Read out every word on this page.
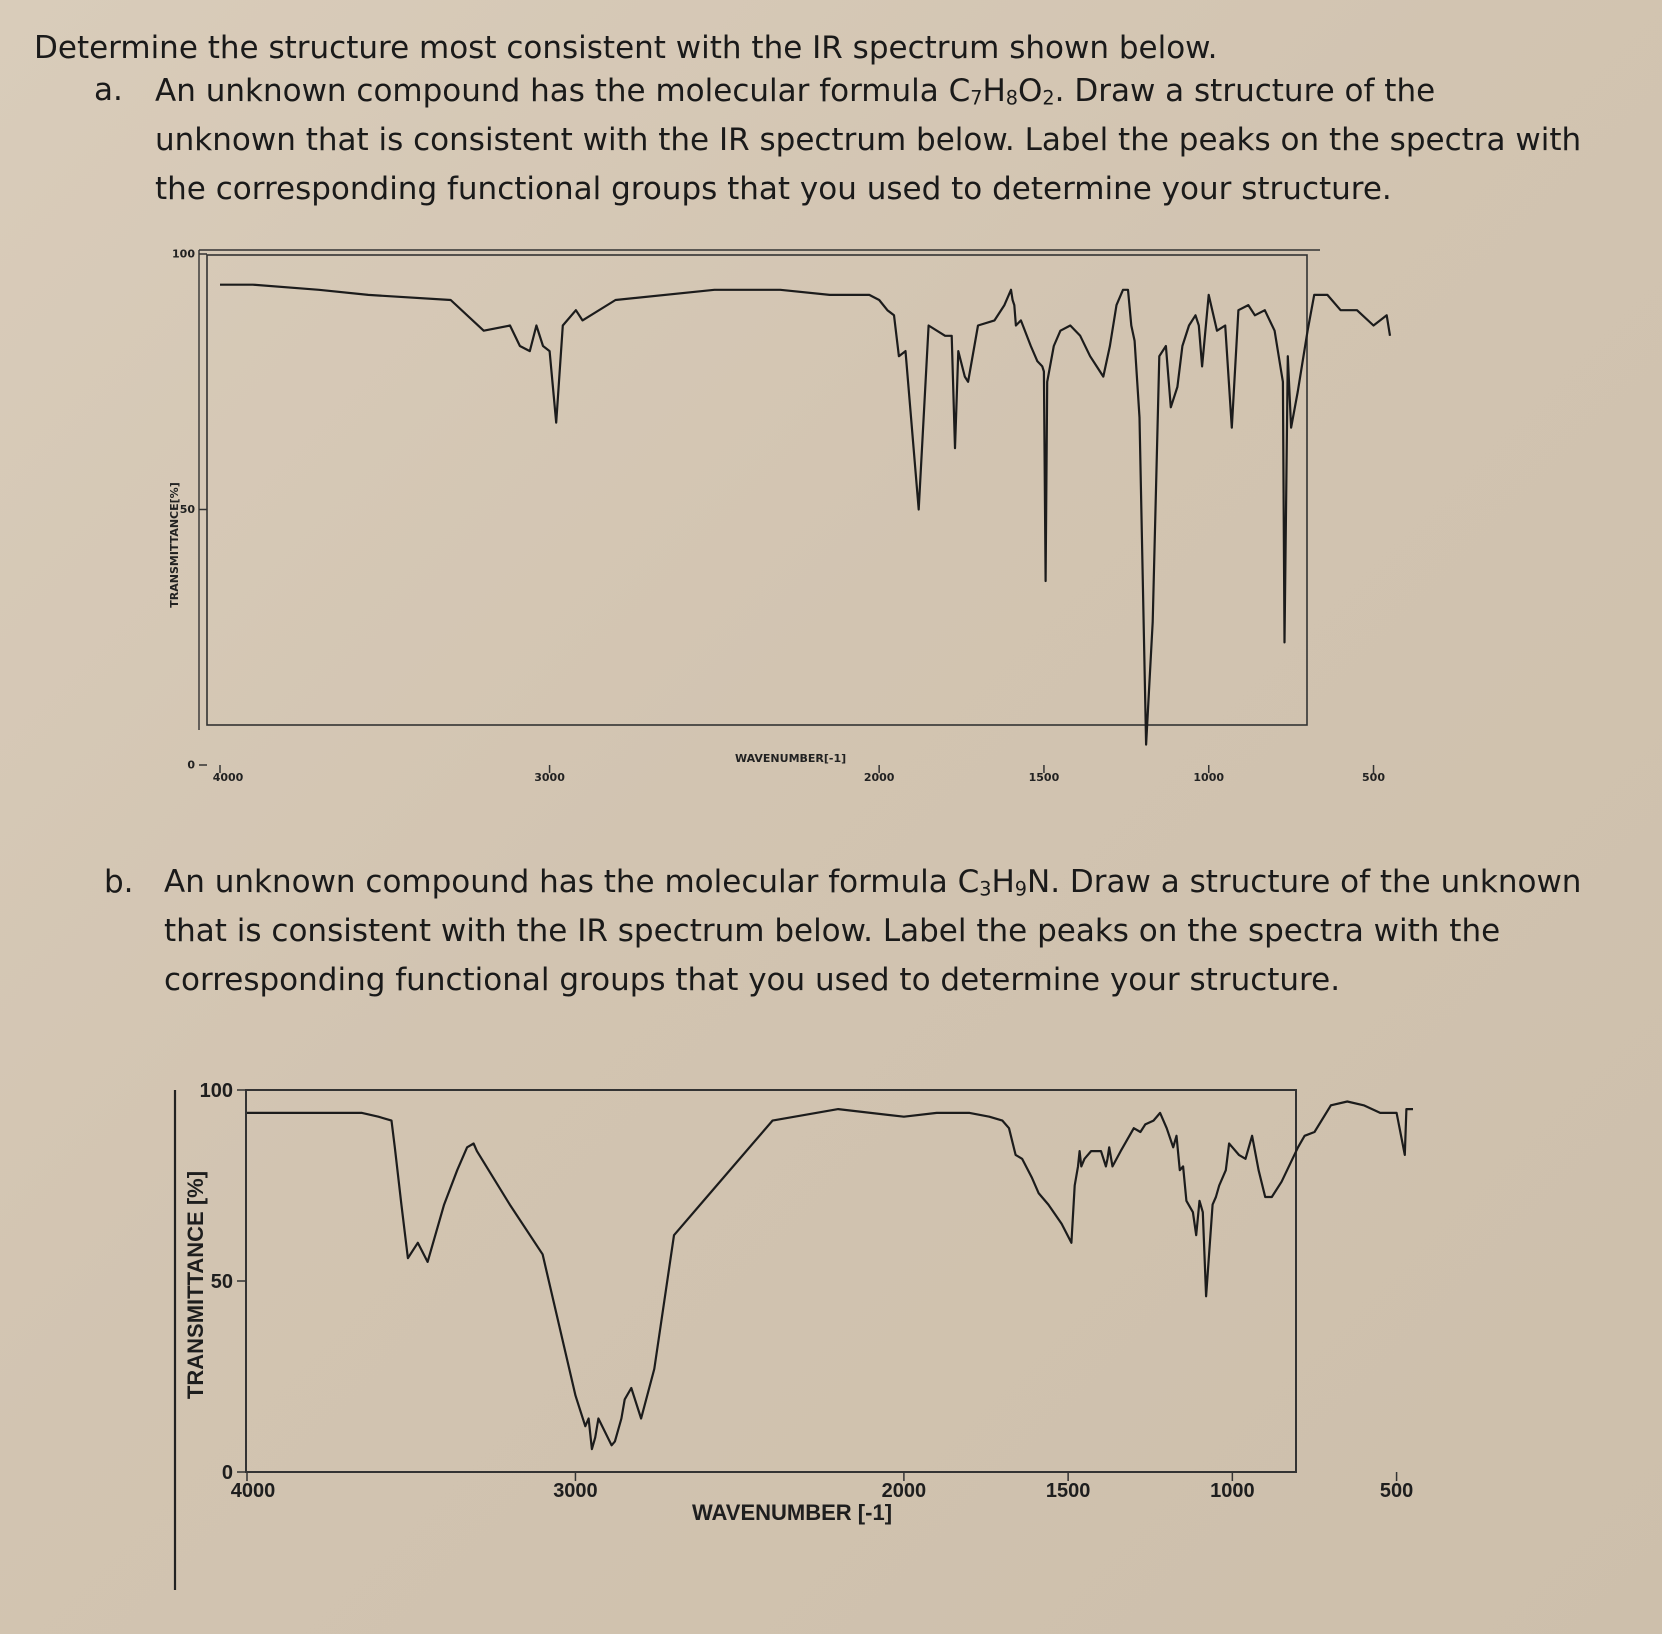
Determine the structure most consistent with the IR spectrum shown below.
a. An unknown compound has the molecular formula $C_7H_8O_2$. Draw a structure of the
unknown that is consistent with the IR spectrum below. Label the peaks on the spectra with
the corresponding functional groups that you used to determine your structure.
b. An unknown compound has the molecular formula $C_3H_9N$. Draw a structure of the unknown
that is consistent with the IR spectrum below. Label the peaks on the spectra with the
corresponding functional groups that you used to determine your structure.
4000	3000	2000	1500	1000	500
0
50
100
WAVENUMBER[-1]
TRANSMITTANCE[%]
4000	3000	2000	1500	1000	500
0
50
100
WAVENUMBER [-1]
TRANSMITTANCE [%]
